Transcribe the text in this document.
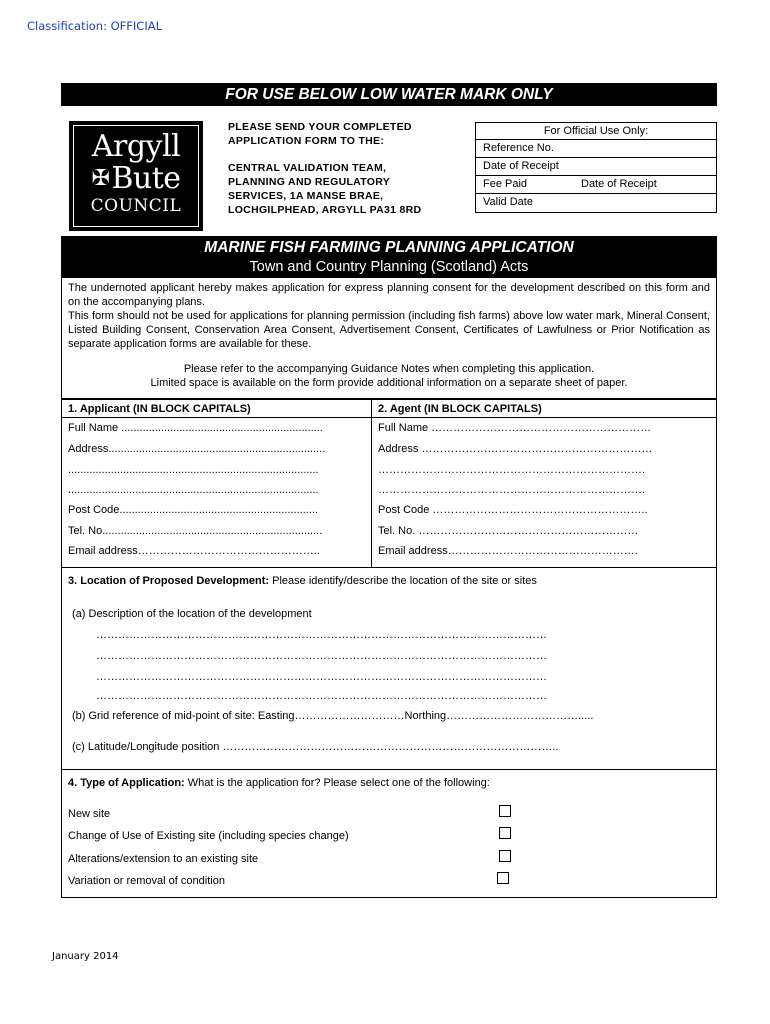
Classification: OFFICIAL
FOR USE BELOW LOW WATER MARK ONLY
Argyll
✠Bute
COUNCIL
PLEASE SEND YOUR COMPLETED
APPLICATION FORM TO THE:
CENTRAL VALIDATION TEAM,
PLANNING AND REGULATORY
SERVICES, 1A MANSE BRAE,
LOCHGILPHEAD, ARGYLL PA31 8RD
For Official Use Only:
Reference No.
Date of Receipt
Fee Paid	Date of Receipt
Valid Date
MARINE FISH FARMING PLANNING APPLICATION
Town and Country Planning (Scotland) Acts

The undernoted applicant hereby makes application for express planning consent for the development described on this form and on the accompanying plans.

This form should not be used for applications for planning permission (including fish farms) above low water mark, Mineral Consent, Listed Building Consent, Conservation Area Consent, Advertisement Consent, Certificates of Lawfulness or Prior Notification as separate application forms are available for these.

Please refer to the accompanying Guidance Notes when completing this application.

Limited space is available on the form provide additional information on a separate sheet of paper.

1. Applicant (IN BLOCK CAPITALS)
Full Name ..................................................................
Address.......................................................................
..................................................................................
..................................................................................
Post Code.................................................................
Tel. No........................................................................
Email address…………………………………………..
2. Agent (IN BLOCK CAPITALS)
Full Name ……………………………………………………
Address ………………………………………………………
……………………………………………………………….
……………………………………………………………….
Post Code …………………………………………………..
Tel. No. ……………………………………………………
Email address…………………………………………….
3. Location of Proposed Development: Please identify/describe the location of the site or sites
(a) Description of the location of the development
……………………………………………………………………………………………………………
……………………………………………………………………………………………………………
……………………………………………………………………………………………………………
……………………………………………………………………………………………………………
(b) Grid reference of mid-point of site: Easting…………………………Northing……………………………….....
(c) Latitude/Longitude position ………………………………………………………………………………..
4. Type of Application: What is the application for? Please select one of the following:
New site
Change of Use of Existing site (including species change)
Alterations/extension to an existing site
Variation or removal of condition
January 2014
